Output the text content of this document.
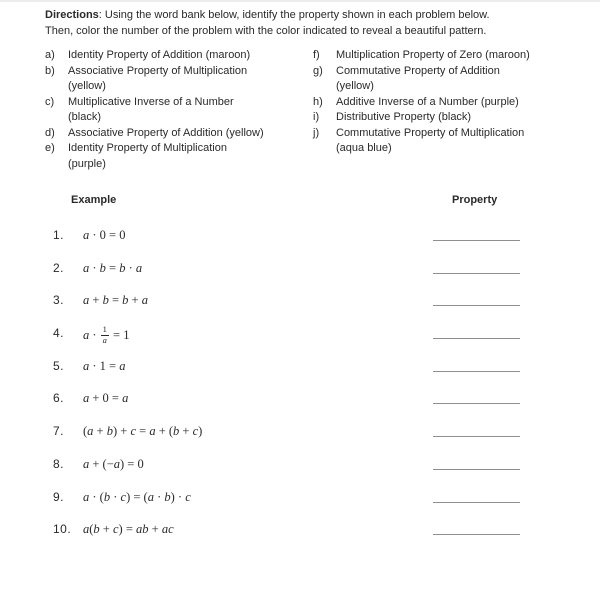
Directions: Using the word bank below, identify the property shown in each problem below.
Then, color the number of the problem with the color indicated to reveal a beautiful pattern.
a)	Identity Property of Addition (maroon)
b)	Associative Property of Multiplication
(yellow)
c)	Multiplicative Inverse of a Number
(black)
d)	Associative Property of Addition (yellow)
e)	Identity Property of Multiplication
(purple)
f)	Multiplication Property of Zero (maroon)
g)	Commutative Property of Addition
(yellow)
h)	Additive Inverse of a Number (purple)
i)	Distributive Property (black)
j)	Commutative Property of Multiplication
(aqua blue)
Example	Property
1. a · 0 = 0
2. a · b = b · a
3. a + b = b + a
4. $a \cdot \frac{1}{a} = 1$
5. a · 1 = a
6. a + 0 = a
7. (a + b) + c = a + (b + c)
8. a + (−a) = 0
9. a · (b · c) = (a · b) · c
10. a(b + c) = ab + ac
